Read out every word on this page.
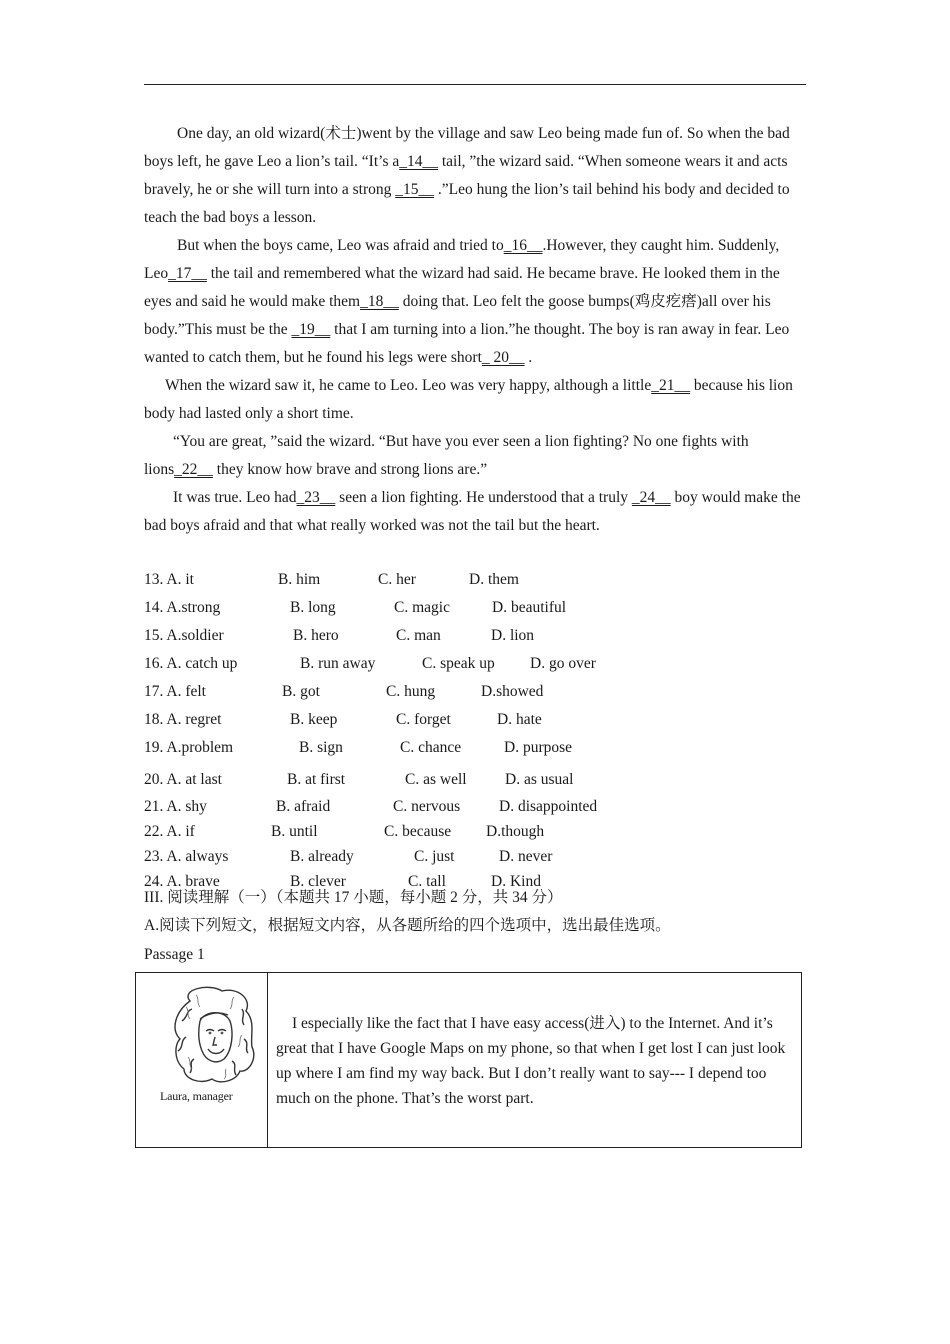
One day, an old wizard(术士)went by the village and saw Leo being made fun of. So when the bad boys left, he gave Leo a lion’s tail. “It’s a_14__ tail, ”the wizard said. “When someone wears it and acts bravely, he or she will turn into a strong _15__ .”Leo hung the lion’s tail behind his body and decided to teach the bad boys a lesson.

But when the boys came, Leo was afraid and tried to_16__.However, they caught him. Suddenly, Leo_17__ the tail and remembered what the wizard had said. He became brave. He looked them in the eyes and said he would make them_18__ doing that. Leo felt the goose bumps(鸡皮疙瘩)all over his body.”This must be the _19__ that I am turning into a lion.”he thought. The boy is ran away in fear. Leo wanted to catch them, but he found his legs were short_ 20__ .

When the wizard saw it, he came to Leo. Leo was very happy, although a little_21__ because his lion body had lasted only a short time.

“You are great, ”said the wizard. “But have you ever seen a lion fighting? No one fights with lions_22__ they know how brave and strong lions are.”

It was true. Leo had_23__ seen a lion fighting. He understood that a truly _24__ boy would make the bad boys afraid and that what really worked was not the tail but the heart.

13. A. it	B. him	C. her	D. them
14. A.strong	B. long	C. magic	D. beautiful
15. A.soldier	B. hero	C. man	D. lion
16. A. catch up	B. run away	C. speak up D. go over
17. A. felt	B. got	C. hung	D.showed
18. A. regret	B. keep	C. forget	D. hate
19. A.problem	B. sign	C. chance	D. purpose
20. A. at last	B. at first	C. as well D. as usual
21. A. shy	B. afraid	C. nervous	D. disappointed
22. A. if	B. until	C. because D.though
23. A. always	B. already	C. just	D. never
24. A. brave	B. clever	C. tall	D. Kind
III. 阅读理解（一）（本题共 17 小题，每小题 2 分，共 34 分）
A.阅读下列短文，根据短文内容，从各题所给的四个选项中，选出最佳选项。
Passage 1
Laura, manager

I especially like the fact that I have easy access(进入) to the Internet. And it’s great that I have Google Maps on my phone, so that when I get lost I can just look up where I am find my way back. But I don’t really want to say--- I depend too much on the phone. That’s the worst part.
